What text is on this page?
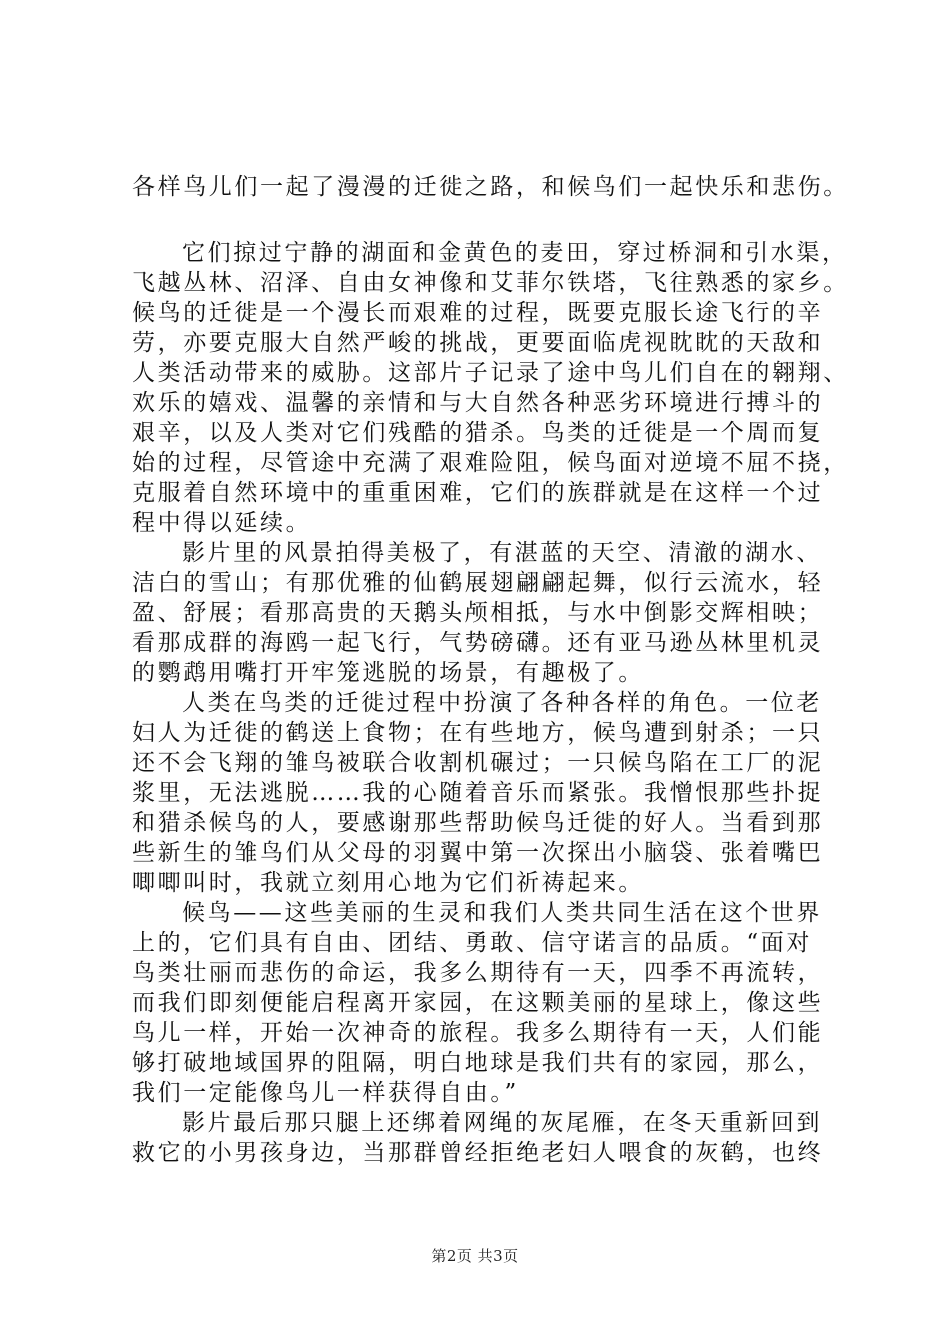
各样鸟儿们一起了漫漫的迁徙之路，和候鸟们一起快乐和悲伤。
它们掠过宁静的湖面和金黄色的麦田，穿过桥洞和引水渠，
飞越丛林、沼泽、自由女神像和艾菲尔铁塔，飞往熟悉的家乡。
候鸟的迁徙是一个漫长而艰难的过程，既要克服长途飞行的辛
劳，亦要克服大自然严峻的挑战，更要面临虎视眈眈的天敌和
人类活动带来的威胁。这部片子记录了途中鸟儿们自在的翱翔、
欢乐的嬉戏、温馨的亲情和与大自然各种恶劣环境进行搏斗的
艰辛，以及人类对它们残酷的猎杀。鸟类的迁徙是一个周而复
始的过程，尽管途中充满了艰难险阻，候鸟面对逆境不屈不挠，
克服着自然环境中的重重困难，它们的族群就是在这样一个过
程中得以延续。
影片里的风景拍得美极了，有湛蓝的天空、清澈的湖水、
洁白的雪山；有那优雅的仙鹤展翅翩翩起舞，似行云流水，轻
盈、舒展；看那高贵的天鹅头颅相抵，与水中倒影交辉相映；
看那成群的海鸥一起飞行，气势磅礴。还有亚马逊丛林里机灵
的鹦鹉用嘴打开牢笼逃脱的场景，有趣极了。
人类在鸟类的迁徙过程中扮演了各种各样的角色。一位老
妇人为迁徙的鹤送上食物；在有些地方，候鸟遭到射杀；一只
还不会飞翔的雏鸟被联合收割机碾过；一只候鸟陷在工厂的泥
浆里，无法逃脱……我的心随着音乐而紧张。我憎恨那些扑捉
和猎杀候鸟的人，要感谢那些帮助候鸟迁徙的好人。当看到那
些新生的雏鸟们从父母的羽翼中第一次探出小脑袋、张着嘴巴
唧唧叫时，我就立刻用心地为它们祈祷起来。
候鸟——这些美丽的生灵和我们人类共同生活在这个世界
上的，它们具有自由、团结、勇敢、信守诺言的品质。“面对
鸟类壮丽而悲伤的命运，我多么期待有一天，四季不再流转，
而我们即刻便能启程离开家园，在这颗美丽的星球上，像这些
鸟儿一样，开始一次神奇的旅程。我多么期待有一天，人们能
够打破地域国界的阻隔，明白地球是我们共有的家园，那么，
我们一定能像鸟儿一样获得自由。”
影片最后那只腿上还绑着网绳的灰尾雁，在冬天重新回到
救它的小男孩身边，当那群曾经拒绝老妇人喂食的灰鹤，也终
第2页 共3页
